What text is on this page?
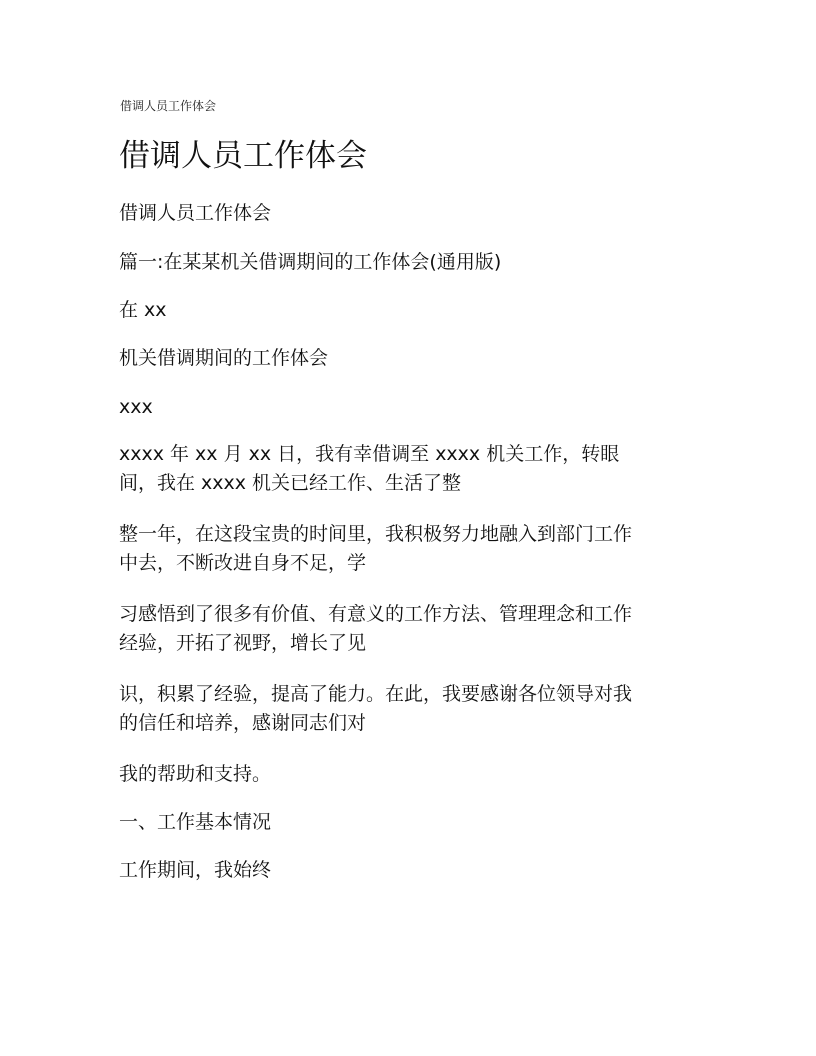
借调人员工作体会
借调人员工作体会
借调人员工作体会
篇一:在某某机关借调期间的工作体会(通用版)
在 xx
机关借调期间的工作体会
xxx
xxxx 年 xx 月 xx 日，我有幸借调至 xxxx 机关工作，转眼
间，我在 xxxx 机关已经工作、生活了整
整一年，在这段宝贵的时间里，我积极努力地融入到部门工作
中去，不断改进自身不足，学
习感悟到了很多有价值、有意义的工作方法、管理理念和工作
经验，开拓了视野，增长了见
识，积累了经验，提高了能力。在此，我要感谢各位领导对我
的信任和培养，感谢同志们对
我的帮助和支持。
一、工作基本情况
工作期间，我始终
